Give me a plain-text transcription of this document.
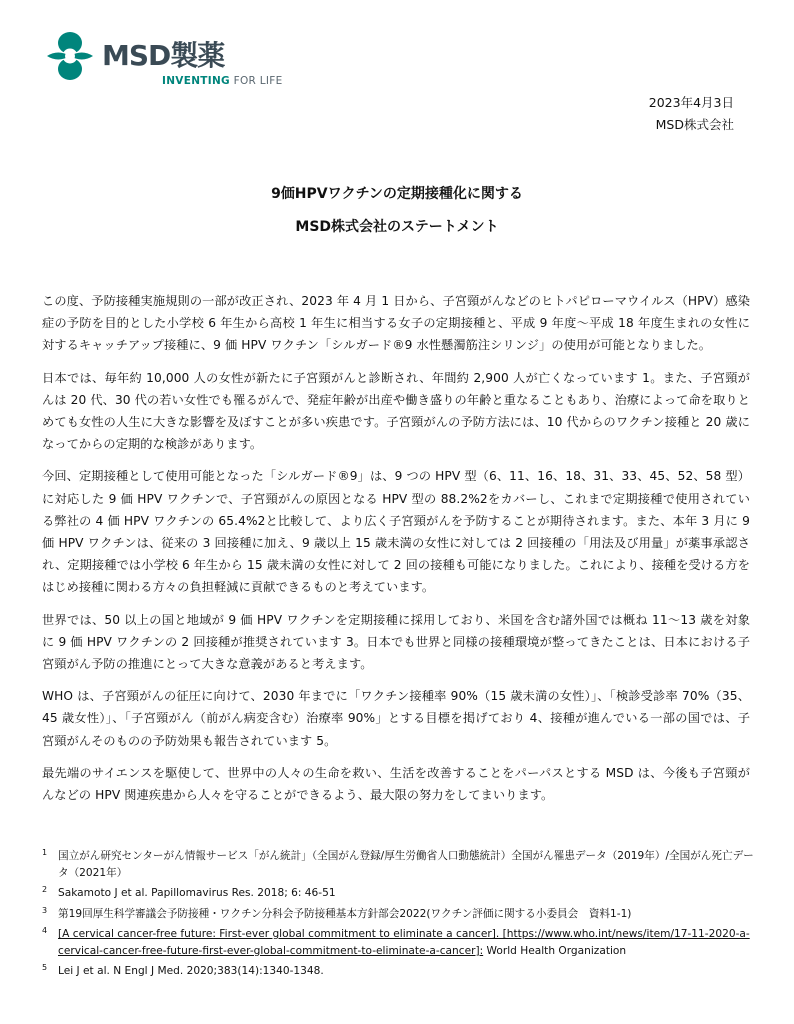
MSD製薬
INVENTING FOR LIFE
2023年4月3日
MSD株式会社
9価HPVワクチンの定期接種化に関する
MSD株式会社のステートメント

この度、予防接種実施規則の一部が改正され、2023 年 4 月 1 日から、子宮頸がんなどのヒトパピローマウイルス（HPV）感染症の予防を目的とした小学校 6 年生から高校 1 年生に相当する女子の定期接種と、平成 9 年度～平成 18 年度生まれの女性に対するキャッチアップ接種に、9 価 HPV ワクチン「シルガード®9 水性懸濁筋注シリンジ」の使用が可能となりました。

日本では、毎年約 10,000 人の女性が新たに子宮頸がんと診断され、年間約 2,900 人が亡くなっています 1。また、子宮頸がんは 20 代、30 代の若い女性でも罹るがんで、発症年齢が出産や働き盛りの年齢と重なることもあり、治療によって命を取りとめても女性の人生に大きな影響を及ぼすことが多い疾患です。子宮頸がんの予防方法には、10 代からのワクチン接種と 20 歳になってからの定期的な検診があります。

今回、定期接種として使用可能となった「シルガード®9」は、9 つの HPV 型（6、11、16、18、31、33、45、52、58 型）に対応した 9 価 HPV ワクチンで、子宮頸がんの原因となる HPV 型の 88.2%2をカバーし、これまで定期接種で使用されている弊社の 4 価 HPV ワクチンの 65.4%2と比較して、より広く子宮頸がんを予防することが期待されます。また、本年 3 月に 9 価 HPV ワクチンは、従来の 3 回接種に加え、9 歳以上 15 歳未満の女性に対しては 2 回接種の「用法及び用量」が薬事承認され、定期接種では小学校 6 年生から 15 歳未満の女性に対して 2 回の接種も可能になりました。これにより、接種を受ける方をはじめ接種に関わる方々の負担軽減に貢献できるものと考えています。

世界では、50 以上の国と地域が 9 価 HPV ワクチンを定期接種に採用しており、米国を含む諸外国では概ね 11～13 歳を対象に 9 価 HPV ワクチンの 2 回接種が推奨されています 3。日本でも世界と同様の接種環境が整ってきたことは、日本における子宮頸がん予防の推進にとって大きな意義があると考えます。

WHO は、子宮頸がんの征圧に向けて、2030 年までに「ワクチン接種率 90%（15 歳未満の女性）」、「検診受診率 70%（35、45 歳女性）」、「子宮頸がん（前がん病変含む）治療率 90%」とする目標を掲げており 4、接種が進んでいる一部の国では、子宮頸がんそのものの予防効果も報告されています 5。

最先端のサイエンスを駆使して、世界中の人々の生命を救い、生活を改善することをパーパスとする MSD は、今後も子宮頸がんなどの HPV 関連疾患から人々を守ることができるよう、最大限の努力をしてまいります。

1 国立がん研究センターがん情報サービス「がん統計」（全国がん登録/厚生労働省人口動態統計）全国がん罹患データ（2019年）/全国がん死亡データ（2021年）
2 Sakamoto J et al. Papillomavirus Res. 2018; 6: 46-51
3 第19回厚生科学審議会予防接種・ワクチン分科会予防接種基本方針部会2022(ワクチン評価に関する小委員会　資料1-1)
4 [A cervical cancer-free future: First-ever global commitment to eliminate a cancer]. [https://www.who.int/news/item/17-11-2020-a-cervical-cancer-free-future-first-ever-global-commitment-to-eliminate-a-cancer]: World Health Organization
5 Lei J et al. N Engl J Med. 2020;383(14):1340-1348.
